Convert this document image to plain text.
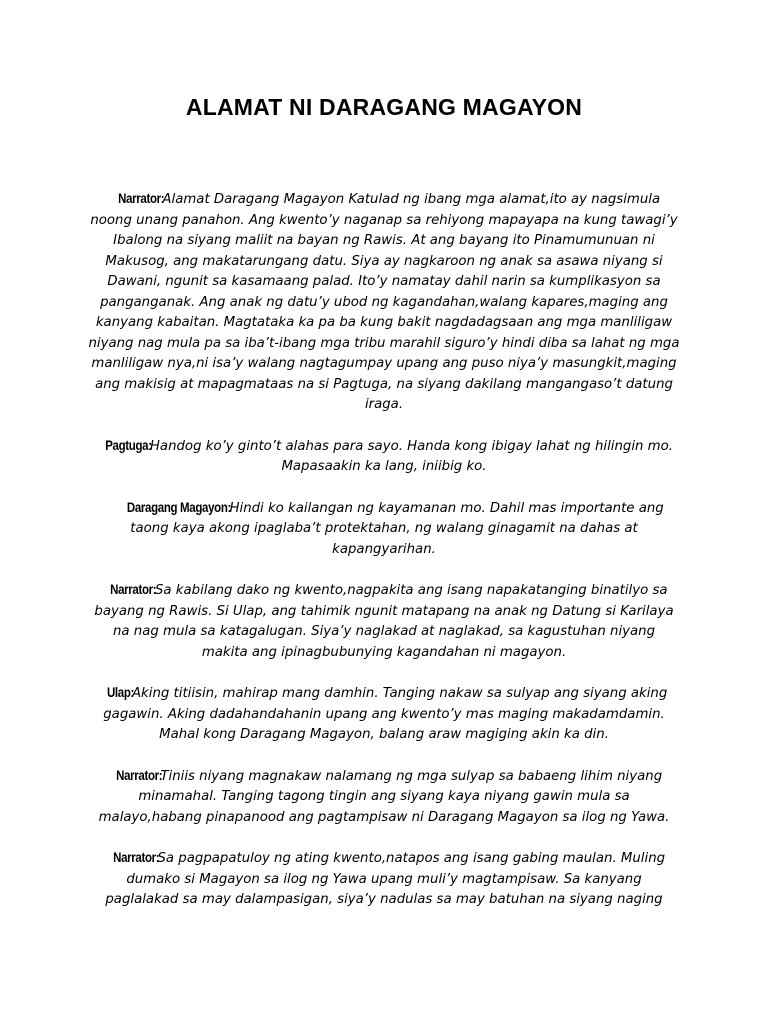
ALAMAT NI DARAGANG MAGAYON

Narrator: Alamat Daragang Magayon Katulad ng ibang mga alamat,ito ay nagsimula noong unang panahon. Ang kwento’y naganap sa rehiyong mapayapa na kung tawagi’y Ibalong na siyang maliit na bayan ng Rawis. At ang bayang ito Pinamumunuan ni Makusog, ang makatarungang datu. Siya ay nagkaroon ng anak sa asawa niyang si Dawani, ngunit sa kasamaang palad. Ito’y namatay dahil narin sa kumplikasyon sa panganganak. Ang anak ng datu’y ubod ng kagandahan,walang kapares,maging ang kanyang kabaitan. Magtataka ka pa ba kung bakit nagdadagsaan ang mga manliligaw niyang nag mula pa sa iba’t-ibang mga tribu marahil siguro’y hindi diba sa lahat ng mga manliligaw nya,ni isa’y walang nagtagumpay upang ang puso niya’y masungkit,maging ang makisig at mapagmataas na si Pagtuga, na siyang dakilang mangangaso’t datung iraga.

Pagtuga: Handog ko’y ginto’t alahas para sayo. Handa kong ibigay lahat ng hilingin mo. Mapasaakin ka lang, iniibig ko.

Daragang Magayon: Hindi ko kailangan ng kayamanan mo. Dahil mas importante ang taong kaya akong ipaglaba’t protektahan, ng walang ginagamit na dahas at kapangyarihan.

Narrator: Sa kabilang dako ng kwento,nagpakita ang isang napakatanging binatilyo sa bayang ng Rawis. Si Ulap, ang tahimik ngunit matapang na anak ng Datung si Karilaya na nag mula sa katagalugan. Siya’y naglakad at naglakad, sa kagustuhan niyang makita ang ipinagbubunying kagandahan ni magayon.

Ulap: Aking titiisin, mahirap mang damhin. Tanging nakaw sa sulyap ang siyang aking gagawin. Aking dadahandahanin upang ang kwento’y mas maging makadamdamin. Mahal kong Daragang Magayon, balang araw magiging akin ka din.

Narrator: Tiniis niyang magnakaw nalamang ng mga sulyap sa babaeng lihim niyang minamahal. Tanging tagong tingin ang siyang kaya niyang gawin mula sa malayo,habang pinapanood ang pagtampisaw ni Daragang Magayon sa ilog ng Yawa.

Narrator: Sa pagpapatuloy ng ating kwento,natapos ang isang gabing maulan. Muling dumako si Magayon sa ilog ng Yawa upang muli’y magtampisaw. Sa kanyang paglalakad sa may dalampasigan, siya’y nadulas sa may batuhan na siyang naging
